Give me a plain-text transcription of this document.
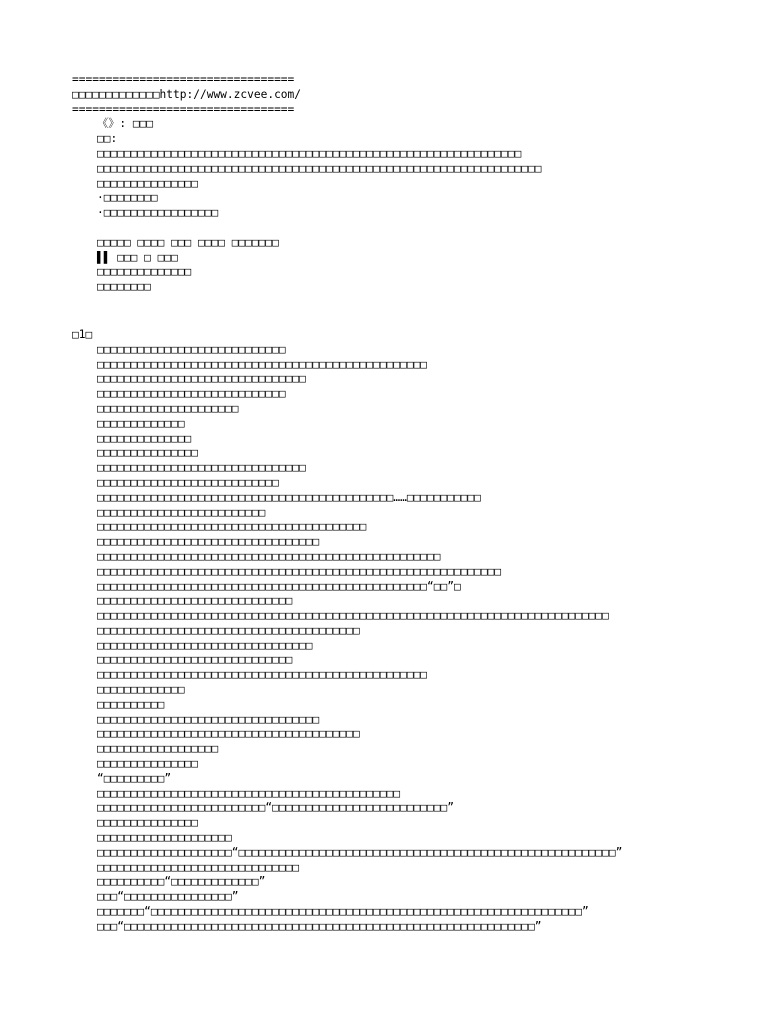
=================================
□□□□□□□□□□□□□http://www.zcvee.com/
=================================
《》: □□□
□□:
□□□□□□□□□□□□□□□□□□□□□□□□□□□□□□□□□□□□□□□□□□□□□□□□□□□□□□□□□□□□□□□
□□□□□□□□□□□□□□□□□□□□□□□□□□□□□□□□□□□□□□□□□□□□□□□□□□□□□□□□□□□□□□□□□□
□□□□□□□□□□□□□□□
·□□□□□□□□
·□□□□□□□□□□□□□□□□□
□□□□□ □□□□ □□□ □□□□ □□□□□□□
▌▌ □□□ □ □□□
□□□□□□□□□□□□□□
□□□□□□□□
□1□
□□□□□□□□□□□□□□□□□□□□□□□□□□□□
□□□□□□□□□□□□□□□□□□□□□□□□□□□□□□□□□□□□□□□□□□□□□□□□□
□□□□□□□□□□□□□□□□□□□□□□□□□□□□□□□
□□□□□□□□□□□□□□□□□□□□□□□□□□□□
□□□□□□□□□□□□□□□□□□□□□
□□□□□□□□□□□□□
□□□□□□□□□□□□□□
□□□□□□□□□□□□□□□
□□□□□□□□□□□□□□□□□□□□□□□□□□□□□□□
□□□□□□□□□□□□□□□□□□□□□□□□□□□
□□□□□□□□□□□□□□□□□□□□□□□□□□□□□□□□□□□□□□□□□□□□……□□□□□□□□□□□
□□□□□□□□□□□□□□□□□□□□□□□□□
□□□□□□□□□□□□□□□□□□□□□□□□□□□□□□□□□□□□□□□□
□□□□□□□□□□□□□□□□□□□□□□□□□□□□□□□□□
□□□□□□□□□□□□□□□□□□□□□□□□□□□□□□□□□□□□□□□□□□□□□□□□□□□
□□□□□□□□□□□□□□□□□□□□□□□□□□□□□□□□□□□□□□□□□□□□□□□□□□□□□□□□□□□□
□□□□□□□□□□□□□□□□□□□□□□□□□□□□□□□□□□□□□□□□□□□□□□□□□“□□”□
□□□□□□□□□□□□□□□□□□□□□□□□□□□□□
□□□□□□□□□□□□□□□□□□□□□□□□□□□□□□□□□□□□□□□□□□□□□□□□□□□□□□□□□□□□□□□□□□□□□□□□□□□□
□□□□□□□□□□□□□□□□□□□□□□□□□□□□□□□□□□□□□□□
□□□□□□□□□□□□□□□□□□□□□□□□□□□□□□□□
□□□□□□□□□□□□□□□□□□□□□□□□□□□□□
□□□□□□□□□□□□□□□□□□□□□□□□□□□□□□□□□□□□□□□□□□□□□□□□□
□□□□□□□□□□□□□
□□□□□□□□□□
□□□□□□□□□□□□□□□□□□□□□□□□□□□□□□□□□
□□□□□□□□□□□□□□□□□□□□□□□□□□□□□□□□□□□□□□□
□□□□□□□□□□□□□□□□□□
□□□□□□□□□□□□□□□
“□□□□□□□□□”
□□□□□□□□□□□□□□□□□□□□□□□□□□□□□□□□□□□□□□□□□□□□□
□□□□□□□□□□□□□□□□□□□□□□□□□“□□□□□□□□□□□□□□□□□□□□□□□□□□”
□□□□□□□□□□□□□□□
□□□□□□□□□□□□□□□□□□□□
□□□□□□□□□□□□□□□□□□□□“□□□□□□□□□□□□□□□□□□□□□□□□□□□□□□□□□□□□□□□□□□□□□□□□□□□□□□□□”
□□□□□□□□□□□□□□□□□□□□□□□□□□□□□□
□□□□□□□□□□“□□□□□□□□□□□□□”
□□□“□□□□□□□□□□□□□□□□”
□□□□□□□“□□□□□□□□□□□□□□□□□□□□□□□□□□□□□□□□□□□□□□□□□□□□□□□□□□□□□□□□□□□□□□□□”
□□□“□□□□□□□□□□□□□□□□□□□□□□□□□□□□□□□□□□□□□□□□□□□□□□□□□□□□□□□□□□□□□”
